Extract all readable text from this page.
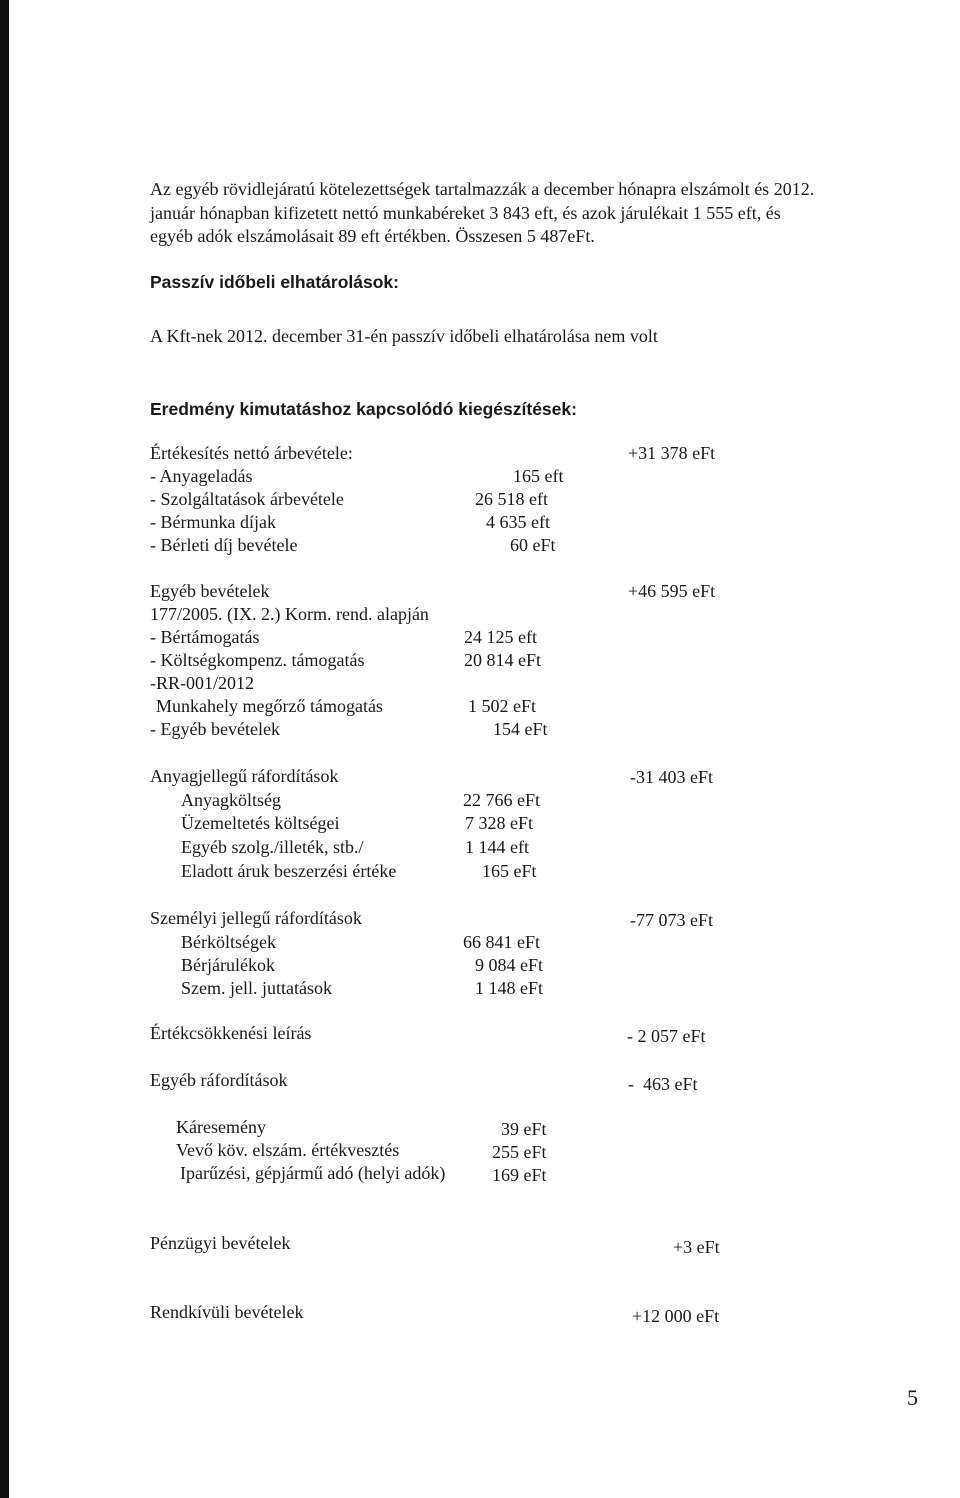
Az egyéb rövidlejáratú kötelezettségek tartalmazzák a december hónapra elszámolt és 2012.
január hónapban kifizetett nettó munkabéreket 3 843 eft, és azok járulékait 1 555 eft, és
egyéb adók elszámolásait 89 eft értékben. Összesen 5 487eFt.
Passzív időbeli elhatárolások:
A Kft-nek 2012. december 31-én passzív időbeli elhatárolása nem volt
Eredmény kimutatáshoz kapcsolódó kiegészítések:
Értékesítés nettó árbevétele:	+31 378 eFt
- Anyageladás	165 eft
- Szolgáltatások árbevétele	26 518 eft
- Bérmunka díjak	4 635 eft
- Bérleti díj bevétele	60 eFt
Egyéb bevételek	+46 595 eFt
177/2005. (IX. 2.) Korm. rend. alapján
- Bértámogatás	24 125 eft
- Költségkompenz. támogatás	20 814 eFt
-RR-001/2012
Munkahely megőrző támogatás	1 502 eFt
- Egyéb bevételek	154 eFt
Anyagjellegű ráfordítások	-31 403 eFt
Anyagköltség	22 766 eFt
Üzemeltetés költségei	7 328 eFt
Egyéb szolg./illeték, stb./	1 144 eft
Eladott áruk beszerzési értéke	165 eFt
Személyi jellegű ráfordítások	-77 073 eFt
Bérköltségek	66 841 eFt
Bérjárulékok	9 084 eFt
Szem. jell. juttatások	1 148 eFt
Értékcsökkenési leírás	- 2 057 eFt
Egyéb ráfordítások	-  463 eFt
Káresemény	39 eFt
Vevő köv. elszám. értékvesztés	255 eFt
Iparűzési, gépjármű adó (helyi adók)	169 eFt
Pénzügyi bevételek	+3 eFt
Rendkívüli bevételek	+12 000 eFt
5
